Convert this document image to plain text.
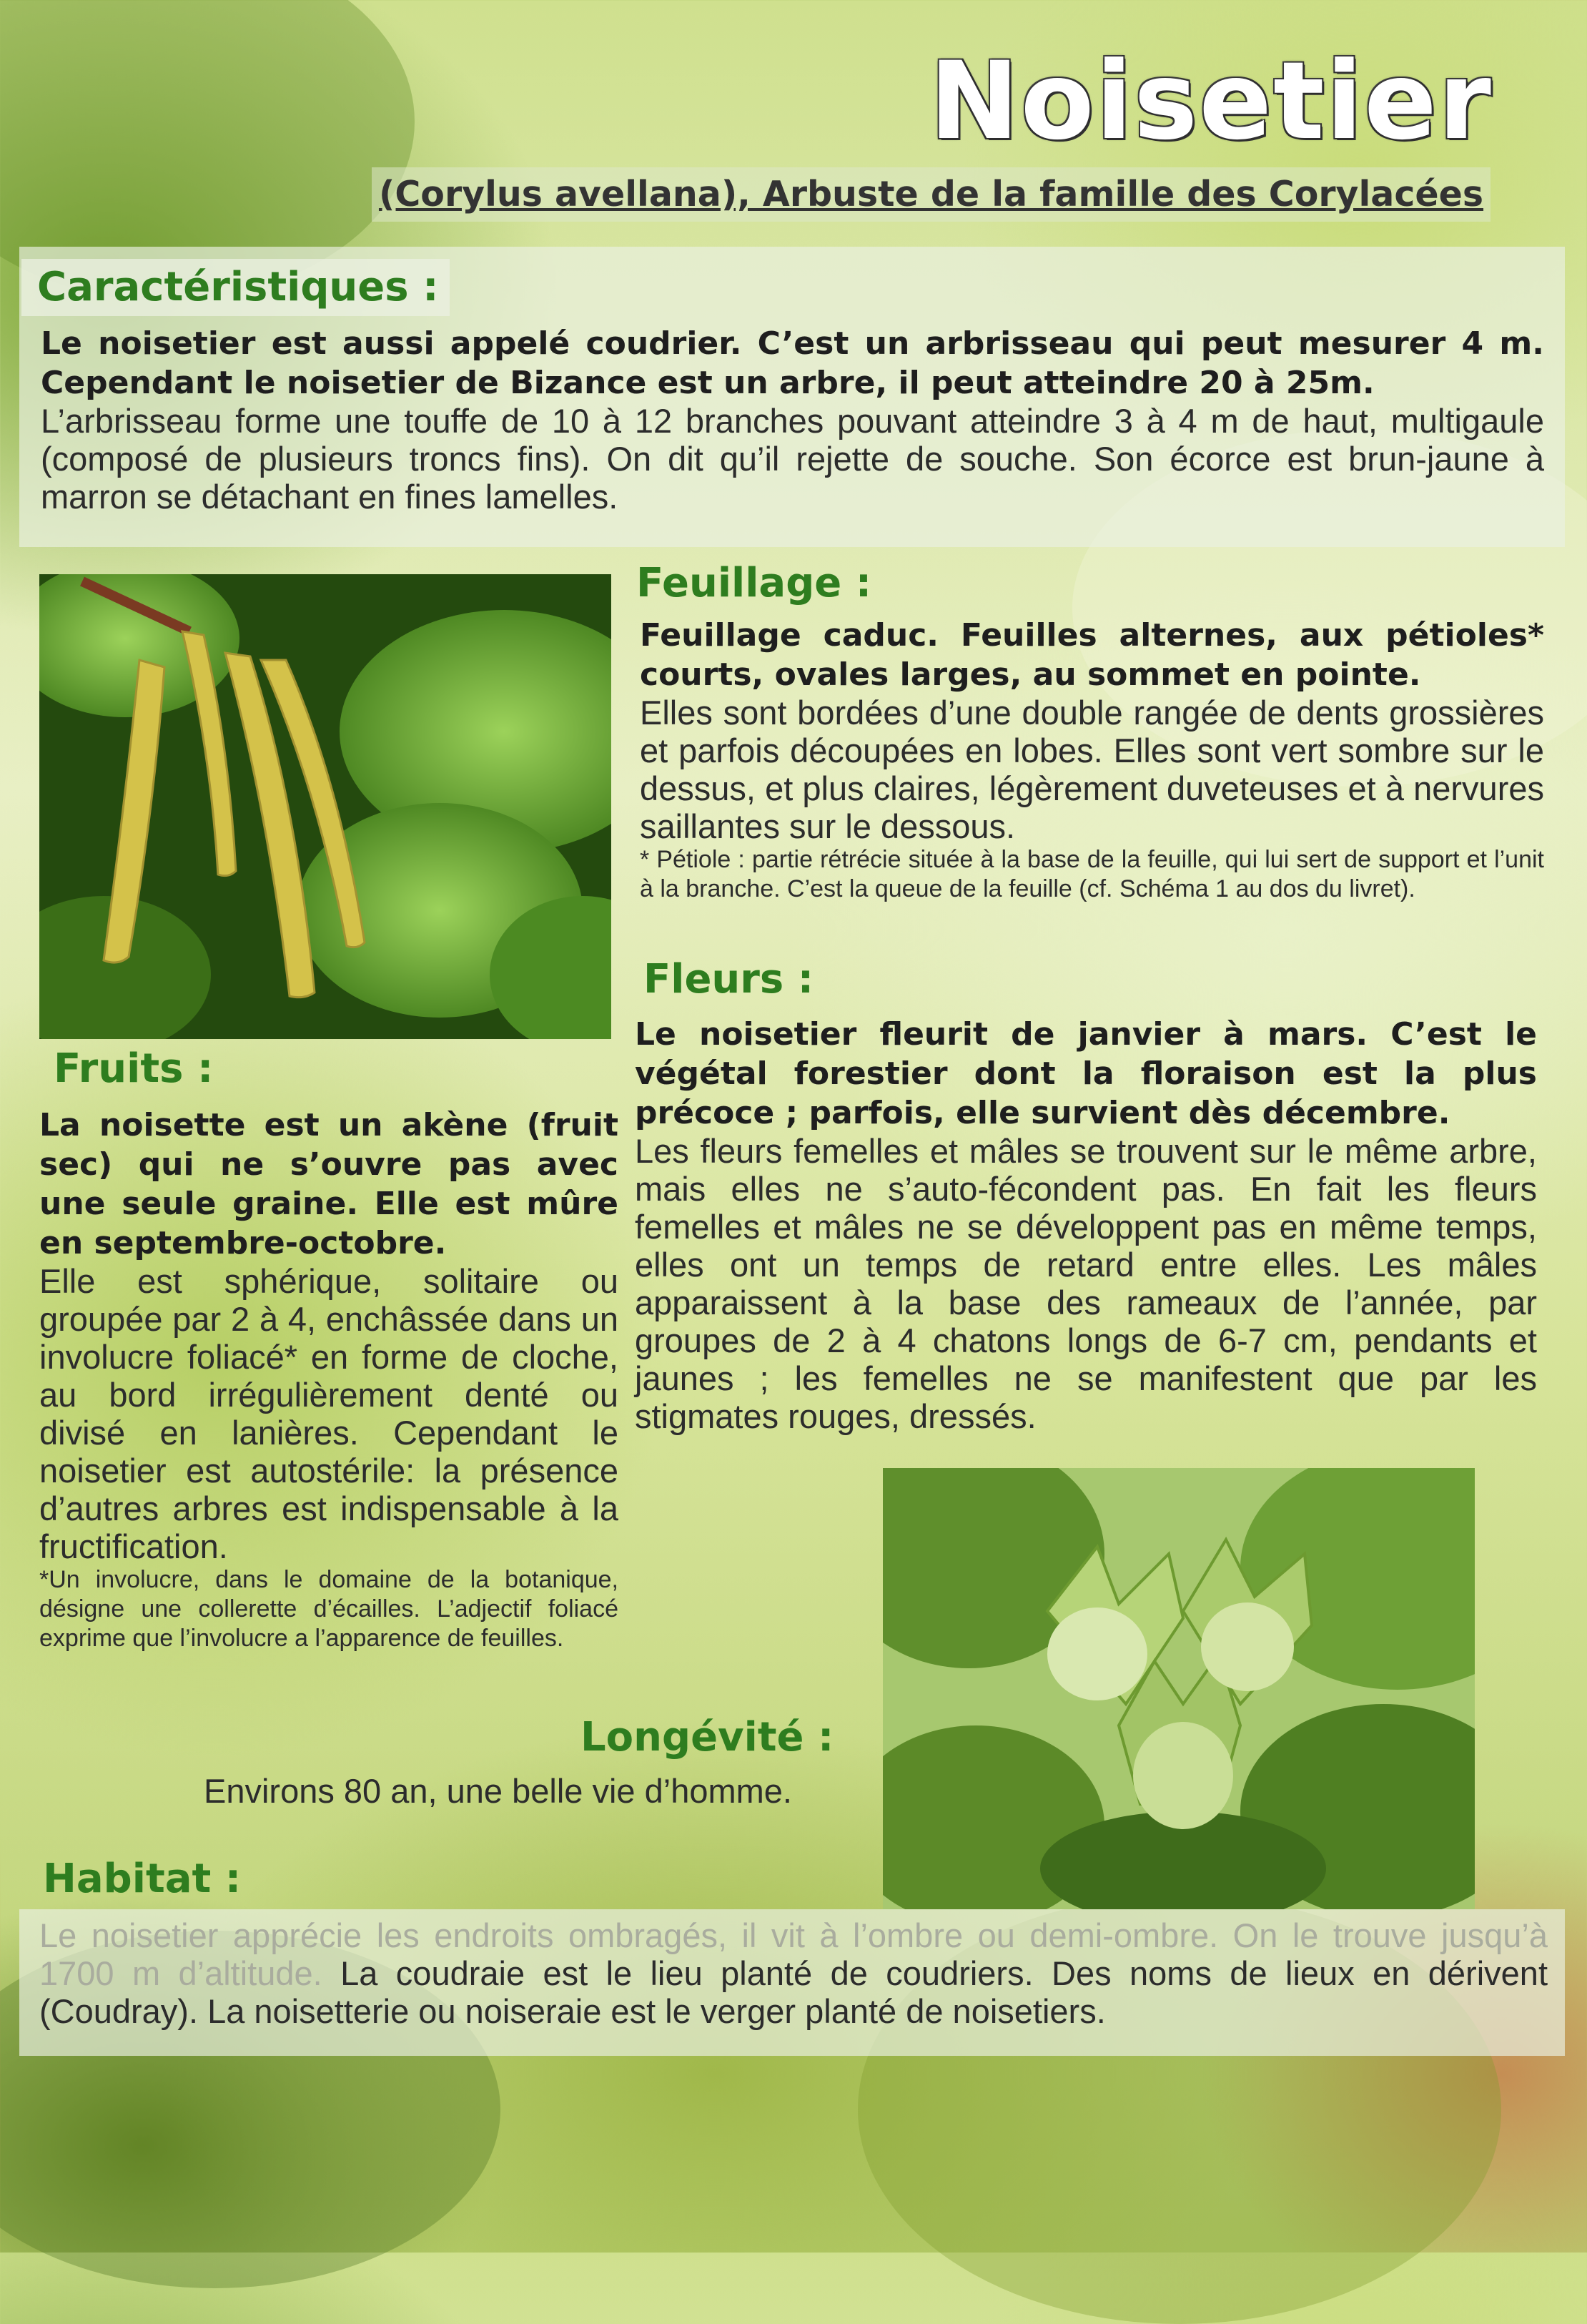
Noisetier
(Corylus avellana), Arbuste de la famille des Corylacées
Caractéristiques :
Le noisetier est aussi appelé coudrier. C’est un arbrisseau qui peut mesurer 4 m. Cependant le noisetier de Bizance est un arbre, il peut atteindre 20 à 25m.
L’arbrisseau forme une touffe de 10 à 12 branches pouvant atteindre 3 à 4 m de haut, multigaule (composé de plusieurs troncs fins). On dit qu’il rejette de souche. Son écorce est brun-jaune à marron se détachant en fines lamelles.
Feuillage :
Feuillage caduc. Feuilles alternes, aux pétioles* courts, ovales larges, au sommet en pointe.
Elles sont bordées d’une double rangée de dents grossières et parfois découpées en lobes. Elles sont vert sombre sur le dessus, et plus claires, légèrement duveteuses et à nervures saillantes sur le dessous.
* Pétiole : partie rétrécie située à la base de la feuille, qui lui sert de support et l’unit à la branche. C’est la queue de la feuille (cf. Schéma 1 au dos du livret).
Fleurs :
Le noisetier fleurit de janvier à mars. C’est le végétal forestier dont la floraison est la plus précoce ; parfois, elle survient dès décembre.
Les fleurs femelles et mâles se trouvent sur le même arbre, mais elles ne s’auto-fécondent pas. En fait les fleurs femelles et mâles ne se développent pas en même temps, elles ont un temps de retard entre elles. Les mâles apparaissent à la base des rameaux de l’année, par groupes de 2 à 4 chatons longs de 6-7 cm, pendants et jaunes ; les femelles ne se manifestent que par les stigmates rouges, dressés.
Fruits :
La noisette est un akène (fruit sec) qui ne s’ouvre pas avec une seule graine. Elle est mûre en septembre-octobre.
Elle est sphérique, solitaire ou groupée par 2 à 4, enchâssée dans un involucre foliacé* en forme de cloche, au bord irrégulièrement denté ou divisé en lanières. Cependant le noisetier est autostérile: la présence d’autres arbres est indispensable à la fructification.
*Un involucre, dans le domaine de la botanique, désigne une collerette d’écailles. L’adjectif foliacé exprime que l’involucre a l’apparence de feuilles.
Longévité :
Environs 80 an, une belle vie d’homme.
Habitat :
Le noisetier apprécie les endroits ombragés, il vit à l’ombre ou demi-ombre. On le trouve jusqu’à 1700 m d’altitude. La coudraie est le lieu planté de coudriers. Des noms de lieux en dérivent (Coudray). La noisetterie ou noiseraie est le verger planté de noisetiers.
